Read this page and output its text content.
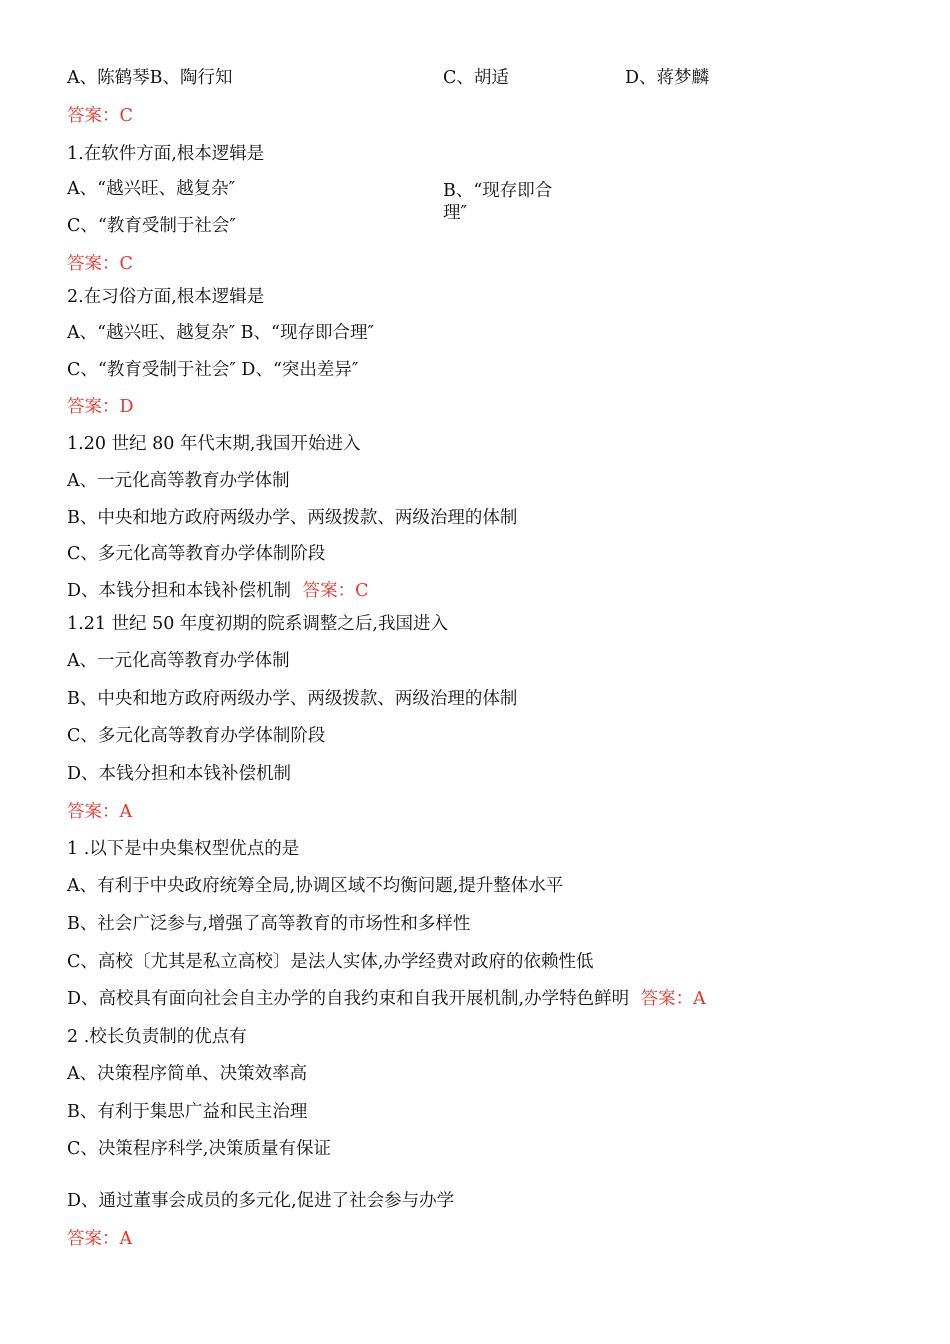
A、陈鹤琴B、陶行知	C、胡适	D、蒋梦麟
答案：C
1.在软件方面,根本逻辑是
A、“越兴旺、越复杂″	B、“现存即合
理″
C、“教育受制于社会″
答案：C
2.在习俗方面,根本逻辑是
A、“越兴旺、越复杂″ B、“现存即合理″
C、“教育受制于社会″ D、“突出差异″
答案：D
1.20 世纪 80 年代末期,我国开始进入
A、一元化高等教育办学体制
B、中央和地方政府两级办学、两级拨款、两级治理的体制
C、多元化高等教育办学体制阶段
D、本钱分担和本钱补偿机制 答案：C
1.21 世纪 50 年度初期的院系调整之后,我国进入
A、一元化高等教育办学体制
B、中央和地方政府两级办学、两级拨款、两级治理的体制
C、多元化高等教育办学体制阶段
D、本钱分担和本钱补偿机制
答案：A
1 .以下是中央集权型优点的是
A、有利于中央政府统筹全局,协调区域不均衡问题,提升整体水平
B、社会广泛参与,增强了高等教育的市场性和多样性
C、高校〔尤其是私立高校〕是法人实体,办学经费对政府的依赖性低
D、高校具有面向社会自主办学的自我约束和自我开展机制,办学特色鲜明 答案：A
2 .校长负责制的优点有
A、决策程序简单、决策效率高
B、有利于集思广益和民主治理
C、决策程序科学,决策质量有保证
D、通过董事会成员的多元化,促进了社会参与办学
答案：A
